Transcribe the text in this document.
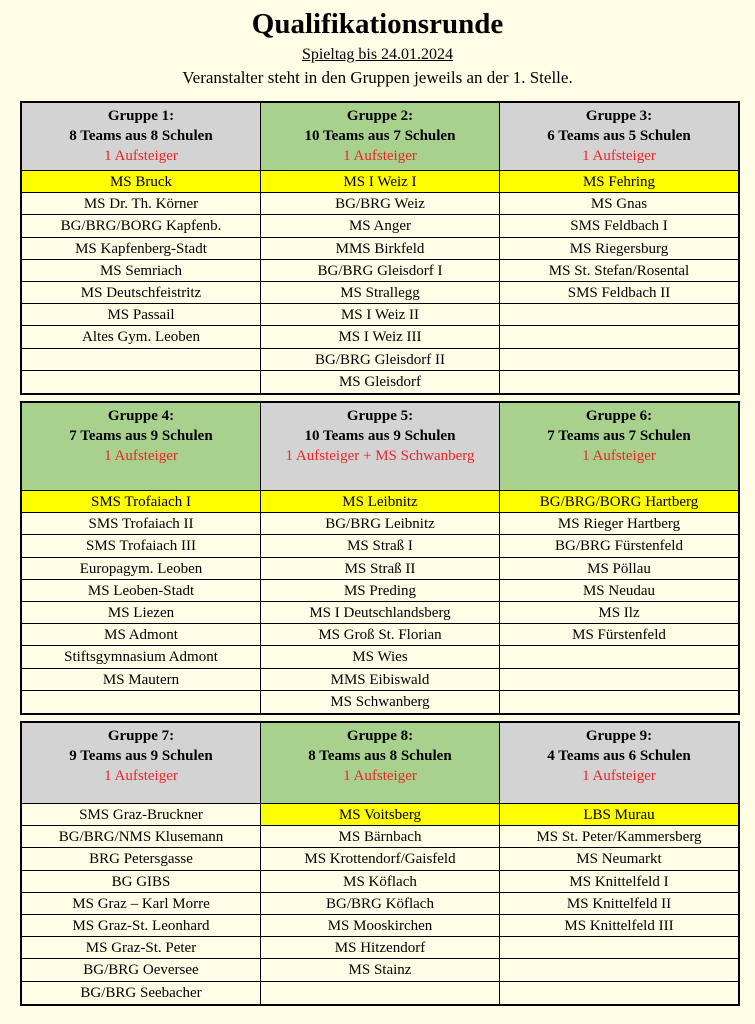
Qualifikationsrunde
Spieltag bis 24.01.2024
Veranstalter steht in den Gruppen jeweils an der 1. Stelle.
Gruppe 1:
8 Teams aus 8 Schulen
1 Aufsteiger
MS Bruck
MS Dr. Th. Körner
BG/BRG/BORG Kapfenb.
MS Kapfenberg-Stadt
MS Semriach
MS Deutschfeistritz
MS Passail
Altes Gym. Leoben
Gruppe 2:
10 Teams aus 7 Schulen
1 Aufsteiger
MS I Weiz I
BG/BRG Weiz
MS Anger
MMS Birkfeld
BG/BRG Gleisdorf I
MS Strallegg
MS I Weiz II
MS I Weiz III
BG/BRG Gleisdorf II
MS Gleisdorf
Gruppe 3:
6 Teams aus 5 Schulen
1 Aufsteiger
MS Fehring
MS Gnas
SMS Feldbach I
MS Riegersburg
MS St. Stefan/Rosental
SMS Feldbach II
Gruppe 4:
7 Teams aus 9 Schulen
1 Aufsteiger
SMS Trofaiach I
SMS Trofaiach II
SMS Trofaiach III
Europagym. Leoben
MS Leoben-Stadt
MS Liezen
MS Admont
Stiftsgymnasium Admont
MS Mautern
Gruppe 5:
10 Teams aus 9 Schulen
1 Aufsteiger + MS Schwanberg
MS Leibnitz
BG/BRG Leibnitz
MS Straß I
MS Straß II
MS Preding
MS I Deutschlandsberg
MS Groß St. Florian
MS Wies
MMS Eibiswald
MS Schwanberg
Gruppe 6:
7 Teams aus 7 Schulen
1 Aufsteiger
BG/BRG/BORG Hartberg
MS Rieger Hartberg
BG/BRG Fürstenfeld
MS Pöllau
MS Neudau
MS Ilz
MS Fürstenfeld
Gruppe 7:
9 Teams aus 9 Schulen
1 Aufsteiger
SMS Graz-Bruckner
BG/BRG/NMS Klusemann
BRG Petersgasse
BG GIBS
MS Graz – Karl Morre
MS Graz-St. Leonhard
MS Graz-St. Peter
BG/BRG Oeversee
BG/BRG Seebacher
Gruppe 8:
8 Teams aus 8 Schulen
1 Aufsteiger
MS Voitsberg
MS Bärnbach
MS Krottendorf/Gaisfeld
MS Köflach
BG/BRG Köflach
MS Mooskirchen
MS Hitzendorf
MS Stainz
Gruppe 9:
4 Teams aus 6 Schulen
1 Aufsteiger
LBS Murau
MS St. Peter/Kammersberg
MS Neumarkt
MS Knittelfeld I
MS Knittelfeld II
MS Knittelfeld III
